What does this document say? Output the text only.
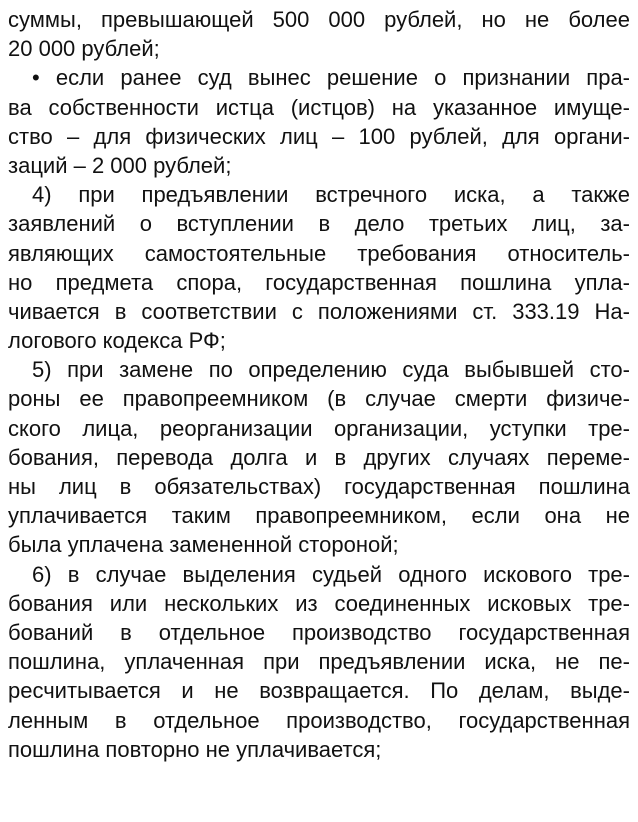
суммы, превышающей 500 000 рублей, но не более
20 000 рублей;
• если ранее суд вынес решение о признании пра-
ва собственности истца (истцов) на указанное имуще-
ство – для физических лиц – 100 рублей, для органи-
заций – 2 000 рублей;
4) при предъявлении встречного иска, а также
заявлений о вступлении в дело третьих лиц, за-
являющих самостоятельные требования относитель-
но предмета спора, государственная пошлина упла-
чивается в соответствии с положениями ст. 333.19 На-
логового кодекса РФ;
5) при замене по определению суда выбывшей сто-
роны ее правопреемником (в случае смерти физиче-
ского лица, реорганизации организации, уступки тре-
бования, перевода долга и в других случаях переме-
ны лиц в обязательствах) государственная пошлина
уплачивается таким правопреемником, если она не
была уплачена замененной стороной;
6) в случае выделения судьей одного искового тре-
бования или нескольких из соединенных исковых тре-
бований в отдельное производство государственная
пошлина, уплаченная при предъявлении иска, не пе-
ресчитывается и не возвращается. По делам, выде-
ленным в отдельное производство, государственная
пошлина повторно не уплачивается;
